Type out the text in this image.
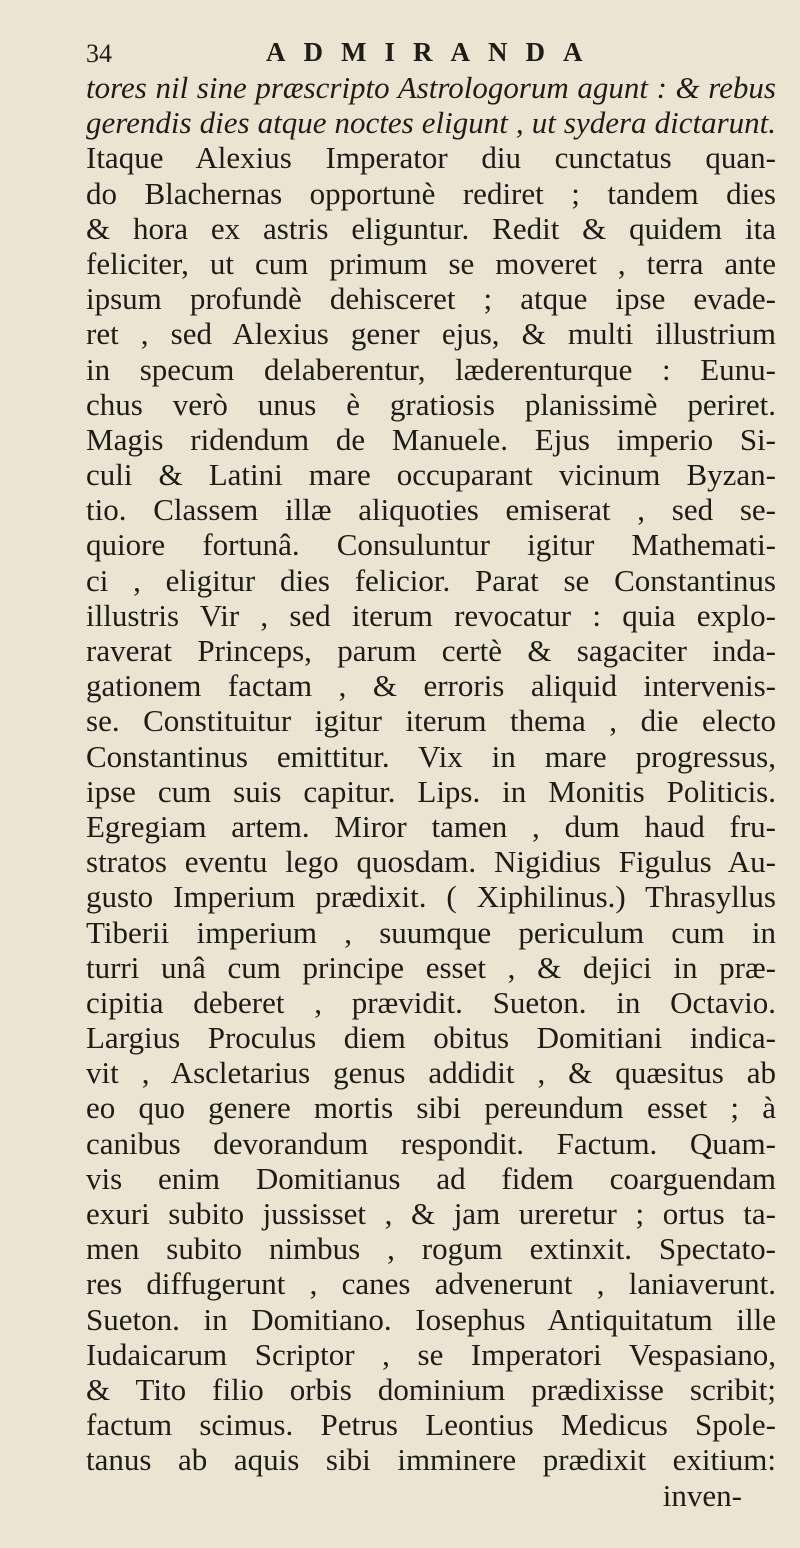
34	ADMIRANDA
tores nil sine præscripto Astrologorum agunt : & rebus
gerendis dies atque noctes eligunt , ut sydera dictarunt.
Itaque Alexius Imperator diu cunctatus quan-
do Blachernas opportunè rediret ; tandem dies
& hora ex astris eliguntur. Redit & quidem ita
feliciter, ut cum primum se moveret , terra ante
ipsum profundè dehisceret ; atque ipse evade-
ret , sed Alexius gener ejus, & multi illustrium
in specum delaberentur, læderenturque : Eunu-
chus verò unus è gratiosis planissimè periret.
Magis ridendum de Manuele. Ejus imperio Si-
culi & Latini mare occuparant vicinum Byzan-
tio. Classem illæ aliquoties emiserat , sed se-
quiore fortunâ. Consuluntur igitur Mathemati-
ci , eligitur dies felicior. Parat se Constantinus
illustris Vir , sed iterum revocatur : quia explo-
raverat Princeps, parum certè & sagaciter inda-
gationem factam , & erroris aliquid intervenis-
se. Constituitur igitur iterum thema , die electo
Constantinus emittitur. Vix in mare progressus,
ipse cum suis capitur. Lips. in Monitis Politicis.
Egregiam artem. Miror tamen , dum haud fru-
stratos eventu lego quosdam. Nigidius Figulus Au-
gusto Imperium prædixit. ( Xiphilinus.) Thrasyllus
Tiberii imperium , suumque periculum cum in
turri unâ cum principe esset , & dejici in præ-
cipitia deberet , prævidit. Sueton. in Octavio.
Largius Proculus diem obitus Domitiani indica-
vit , Ascletarius genus addidit , & quæsitus ab
eo quo genere mortis sibi pereundum esset ; à
canibus devorandum respondit. Factum. Quam-
vis enim Domitianus ad fidem coarguendam
exuri subito jussisset , & jam ureretur ; ortus ta-
men subito nimbus , rogum extinxit. Spectato-
res diffugerunt , canes advenerunt , laniaverunt.
Sueton. in Domitiano. Iosephus Antiquitatum ille
Iudaicarum Scriptor , se Imperatori Vespasiano,
& Tito filio orbis dominium prædixisse scribit;
factum scimus. Petrus Leontius Medicus Spole-
tanus ab aquis sibi imminere prædixit exitium:
inven-
